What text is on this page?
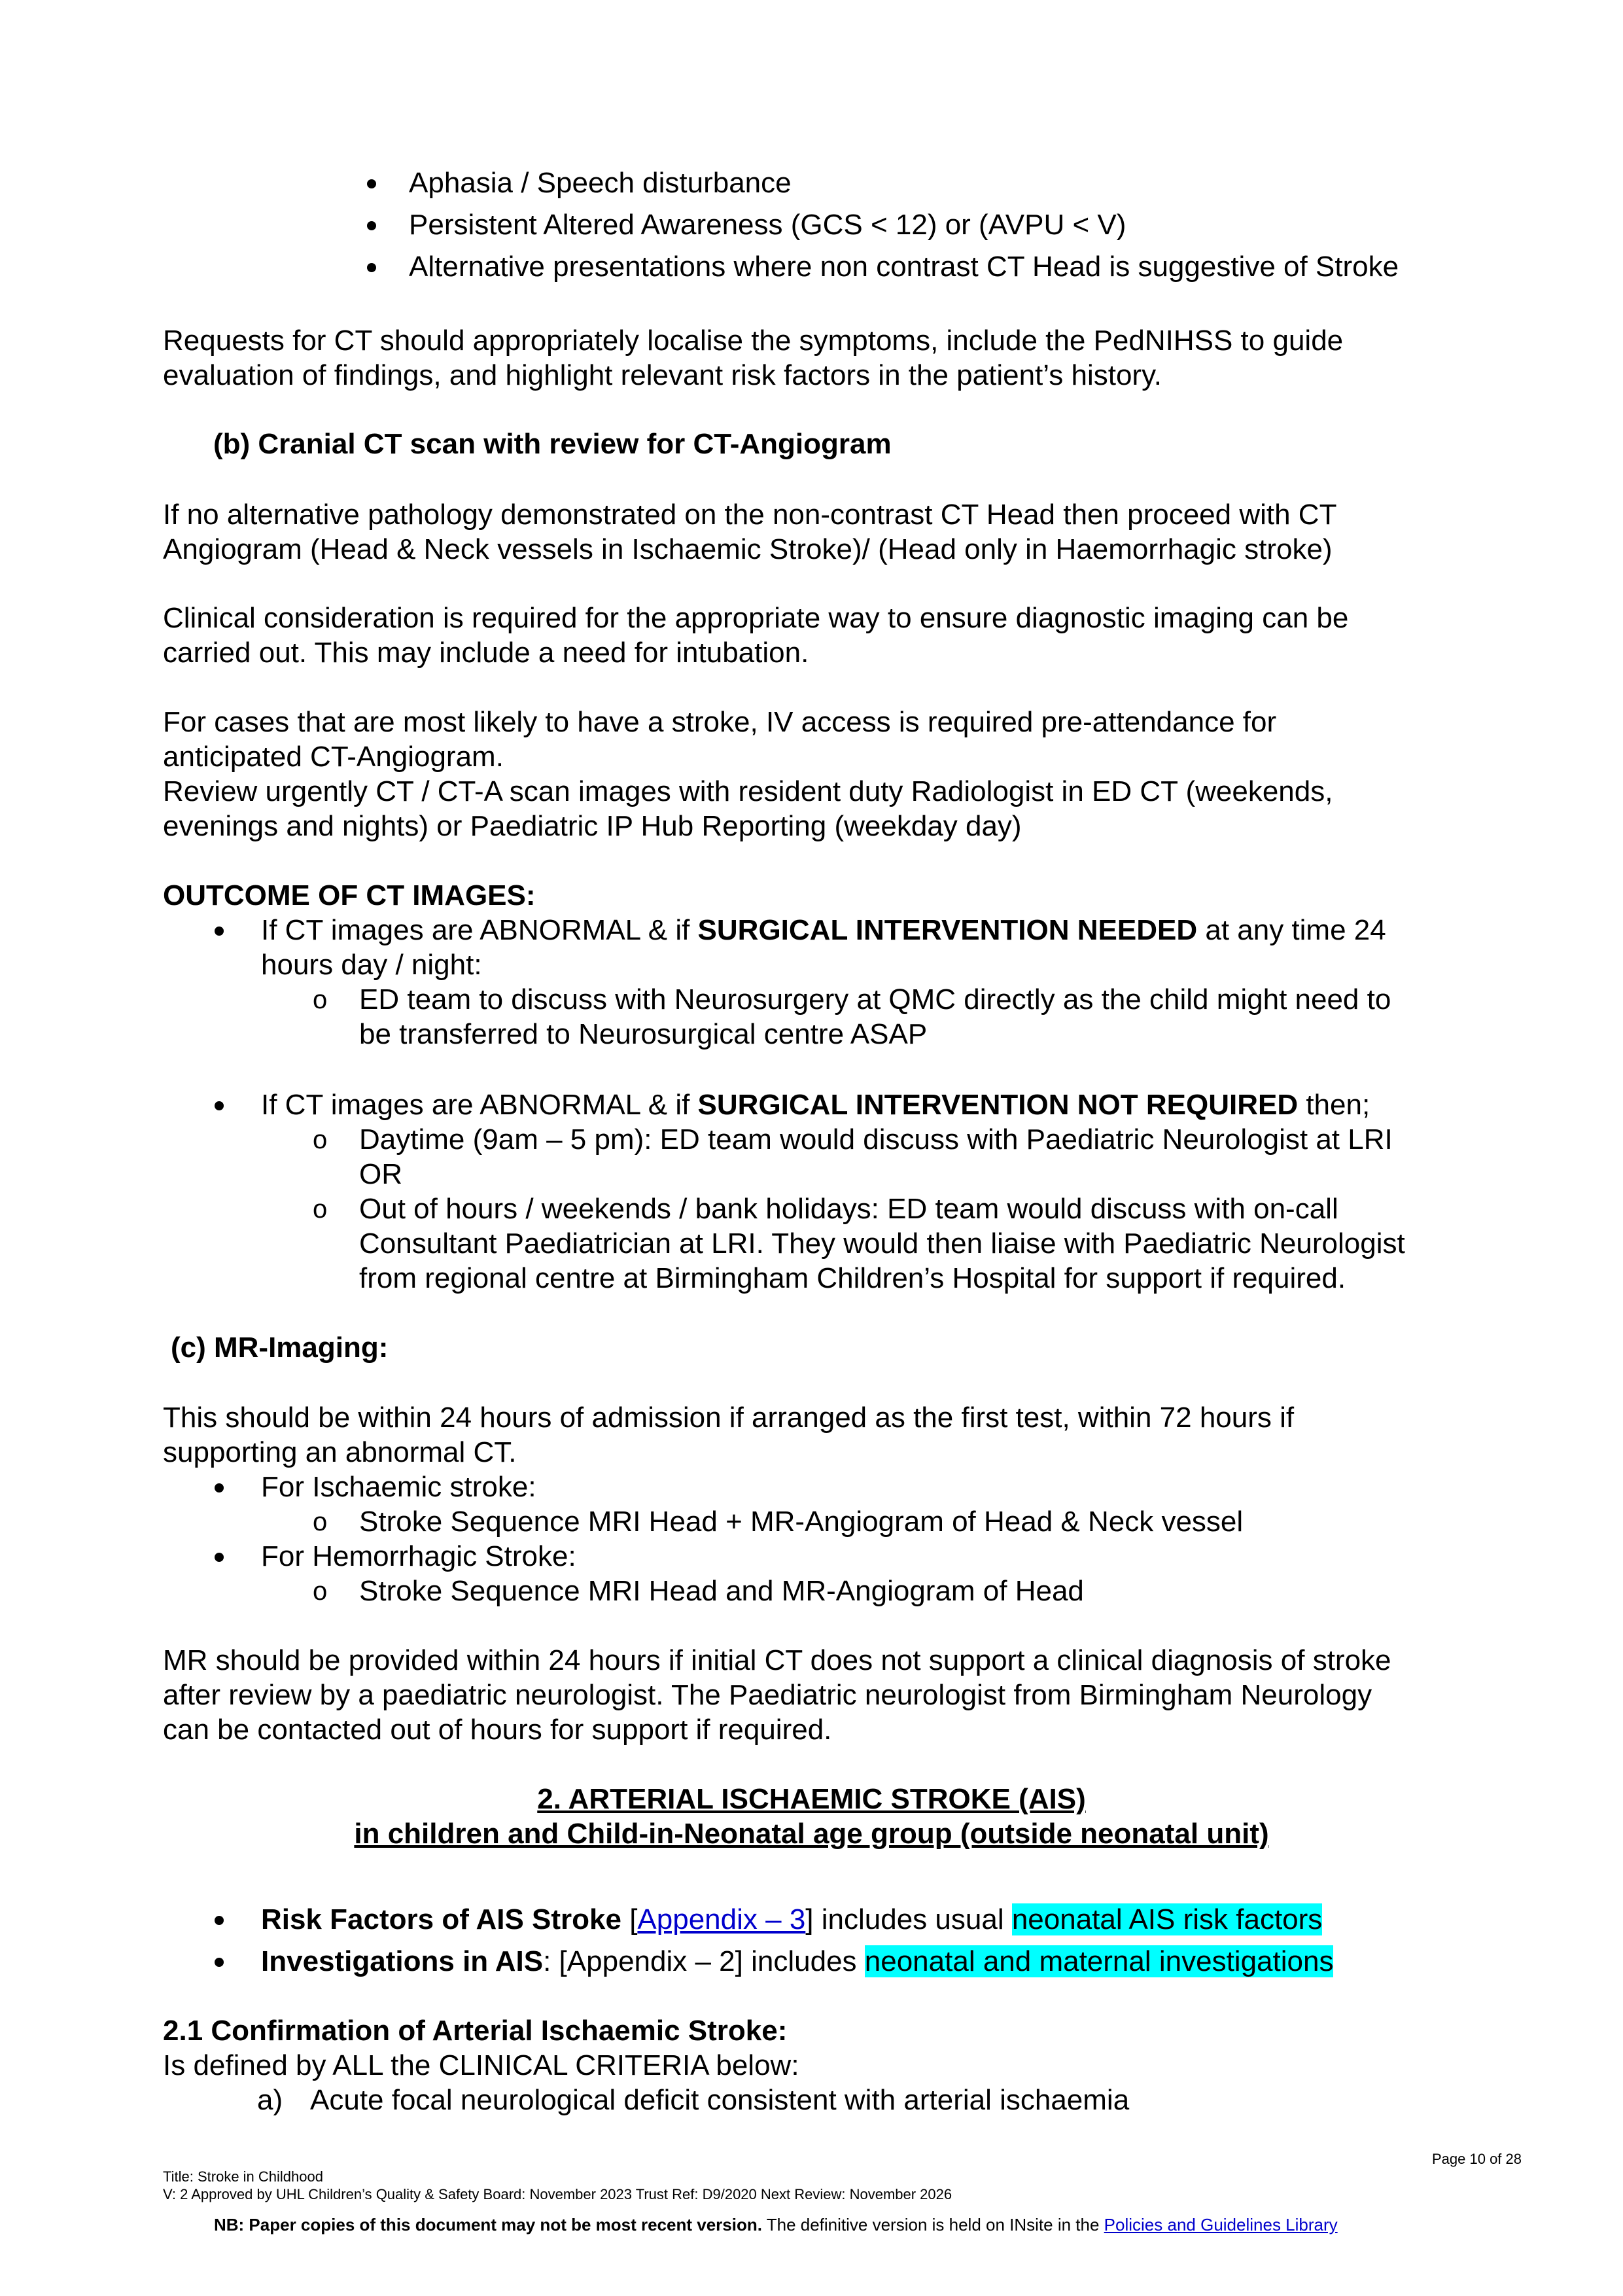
Aphasia / Speech disturbance
Persistent Altered Awareness (GCS < 12) or (AVPU < V)
Alternative presentations where non contrast CT Head is suggestive of Stroke
Requests for CT should appropriately localise the symptoms, include the PedNIHSS to guide
evaluation of findings, and highlight relevant risk factors in the patient’s history.
(b) Cranial CT scan with review for CT-Angiogram
If no alternative pathology demonstrated on the non-contrast CT Head then proceed with CT
Angiogram (Head & Neck vessels in Ischaemic Stroke)/ (Head only in Haemorrhagic stroke)
Clinical consideration is required for the appropriate way to ensure diagnostic imaging can be
carried out. This may include a need for intubation.
For cases that are most likely to have a stroke, IV access is required pre-attendance for
anticipated CT-Angiogram.
Review urgently CT / CT-A scan images with resident duty Radiologist in ED CT (weekends,
evenings and nights) or Paediatric IP Hub Reporting (weekday day)
OUTCOME OF CT IMAGES:
If CT images are ABNORMAL & if SURGICAL INTERVENTION NEEDED at any time 24
hours day / night:
o ED team to discuss with Neurosurgery at QMC directly as the child might need to
be transferred to Neurosurgical centre ASAP
If CT images are ABNORMAL & if SURGICAL INTERVENTION NOT REQUIRED then;
o Daytime (9am – 5 pm): ED team would discuss with Paediatric Neurologist at LRI
OR
o Out of hours / weekends / bank holidays: ED team would discuss with on-call
Consultant Paediatrician at LRI. They would then liaise with Paediatric Neurologist
from regional centre at Birmingham Children’s Hospital for support if required.
(c) MR-Imaging:
This should be within 24 hours of admission if arranged as the first test, within 72 hours if
supporting an abnormal CT.
For Ischaemic stroke:
o Stroke Sequence MRI Head + MR-Angiogram of Head & Neck vessel
For Hemorrhagic Stroke:
o Stroke Sequence MRI Head and MR-Angiogram of Head
MR should be provided within 24 hours if initial CT does not support a clinical diagnosis of stroke
after review by a paediatric neurologist. The Paediatric neurologist from Birmingham Neurology
can be contacted out of hours for support if required.
2. ARTERIAL ISCHAEMIC STROKE (AIS)
in children and Child-in-Neonatal age group (outside neonatal unit)
Risk Factors of AIS Stroke [Appendix – 3] includes usual neonatal AIS risk factors
Investigations in AIS: [Appendix – 2] includes neonatal and maternal investigations
2.1 Confirmation of Arterial Ischaemic Stroke:
Is defined by ALL the CLINICAL CRITERIA below:
a) Acute focal neurological deficit consistent with arterial ischaemia
Page 10 of 28
Title: Stroke in Childhood
V: 2 Approved by UHL Children’s Quality & Safety Board: November 2023 Trust Ref: D9/2020 Next Review: November 2026
NB: Paper copies of this document may not be most recent version. The definitive version is held on INsite in the Policies and Guidelines Library
